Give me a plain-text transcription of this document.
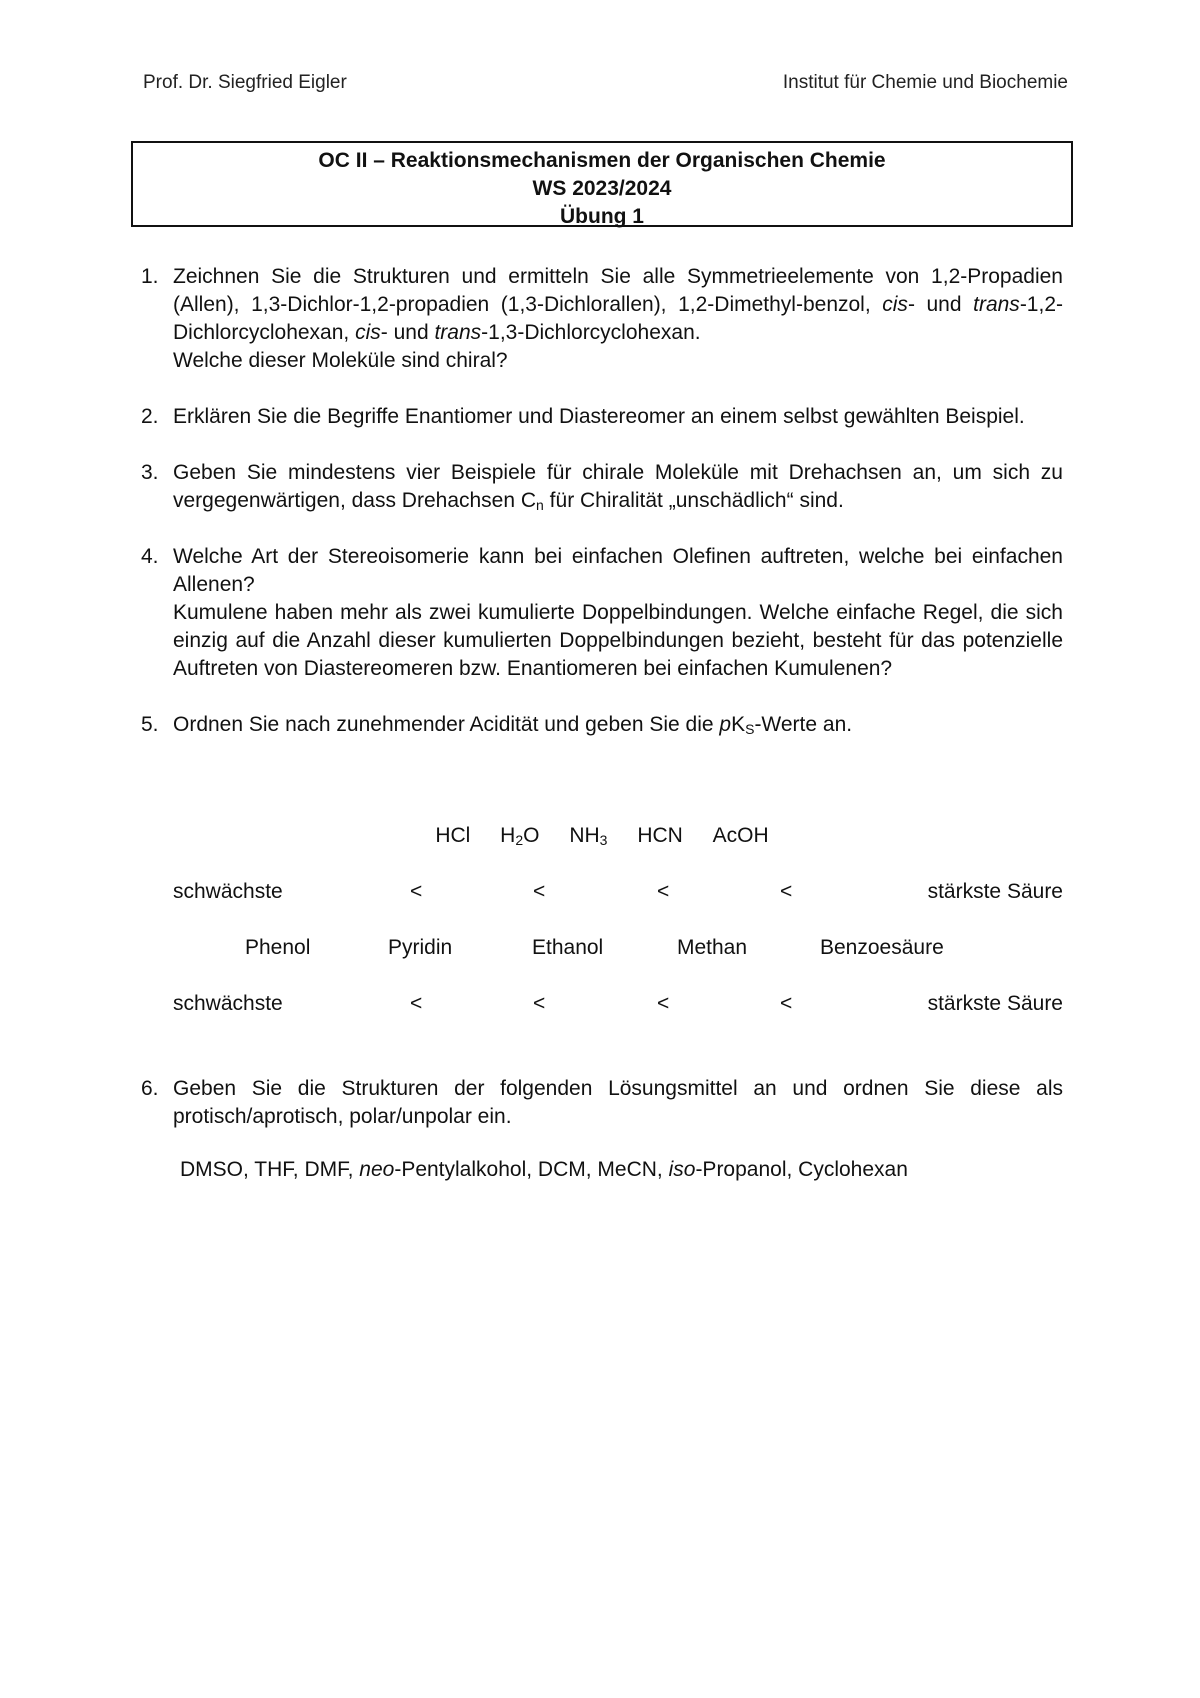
Prof. Dr. Siegfried Eigler	Institut für Chemie und Biochemie
OC II – Reaktionsmechanismen der Organischen Chemie
WS 2023/2024
Übung 1
1. Zeichnen Sie die Strukturen und ermitteln Sie alle Symmetrieelemente von 1,2-Propadien (Allen), 1,3-Dichlor-1,2-propadien (1,3-Dichlorallen), 1,2-Dimethyl-benzol, cis- und trans-1,2-Dichlorcyclohexan, cis- und trans-1,3-Dichlorcyclohexan.

Welche dieser Moleküle sind chiral?

2. Erklären Sie die Begriffe Enantiomer und Diastereomer an einem selbst gewählten Beispiel.

3. Geben Sie mindestens vier Beispiele für chirale Moleküle mit Drehachsen an, um sich zu vergegenwärtigen, dass Drehachsen $C_n$ für Chiralität „unschädlich“ sind.

4. Welche Art der Stereoisomerie kann bei einfachen Olefinen auftreten, welche bei einfachen Allenen?

Kumulene haben mehr als zwei kumulierte Doppelbindungen. Welche einfache Regel, die sich einzig auf die Anzahl dieser kumulierten Doppelbindungen bezieht, besteht für das potenzielle Auftreten von Diastereomeren bzw. Enantiomeren bei einfachen Kumulenen?

5. Ordnen Sie nach zunehmender Acidität und geben Sie die $pK_S$-Werte an.

HCl $H_2O$ $NH_3$ HCN AcOH
schwächste	<	<	<	<	stärkste Säure
Phenol	Pyridin	Ethanol	Methan	Benzoesäure
schwächste	<	<	<	<	stärkste Säure
6. Geben Sie die Strukturen der folgenden Lösungsmittel an und ordnen Sie diese als protisch/aprotisch, polar/unpolar ein.

DMSO, THF, DMF, neo-Pentylalkohol, DCM, MeCN, iso-Propanol, Cyclohexan
